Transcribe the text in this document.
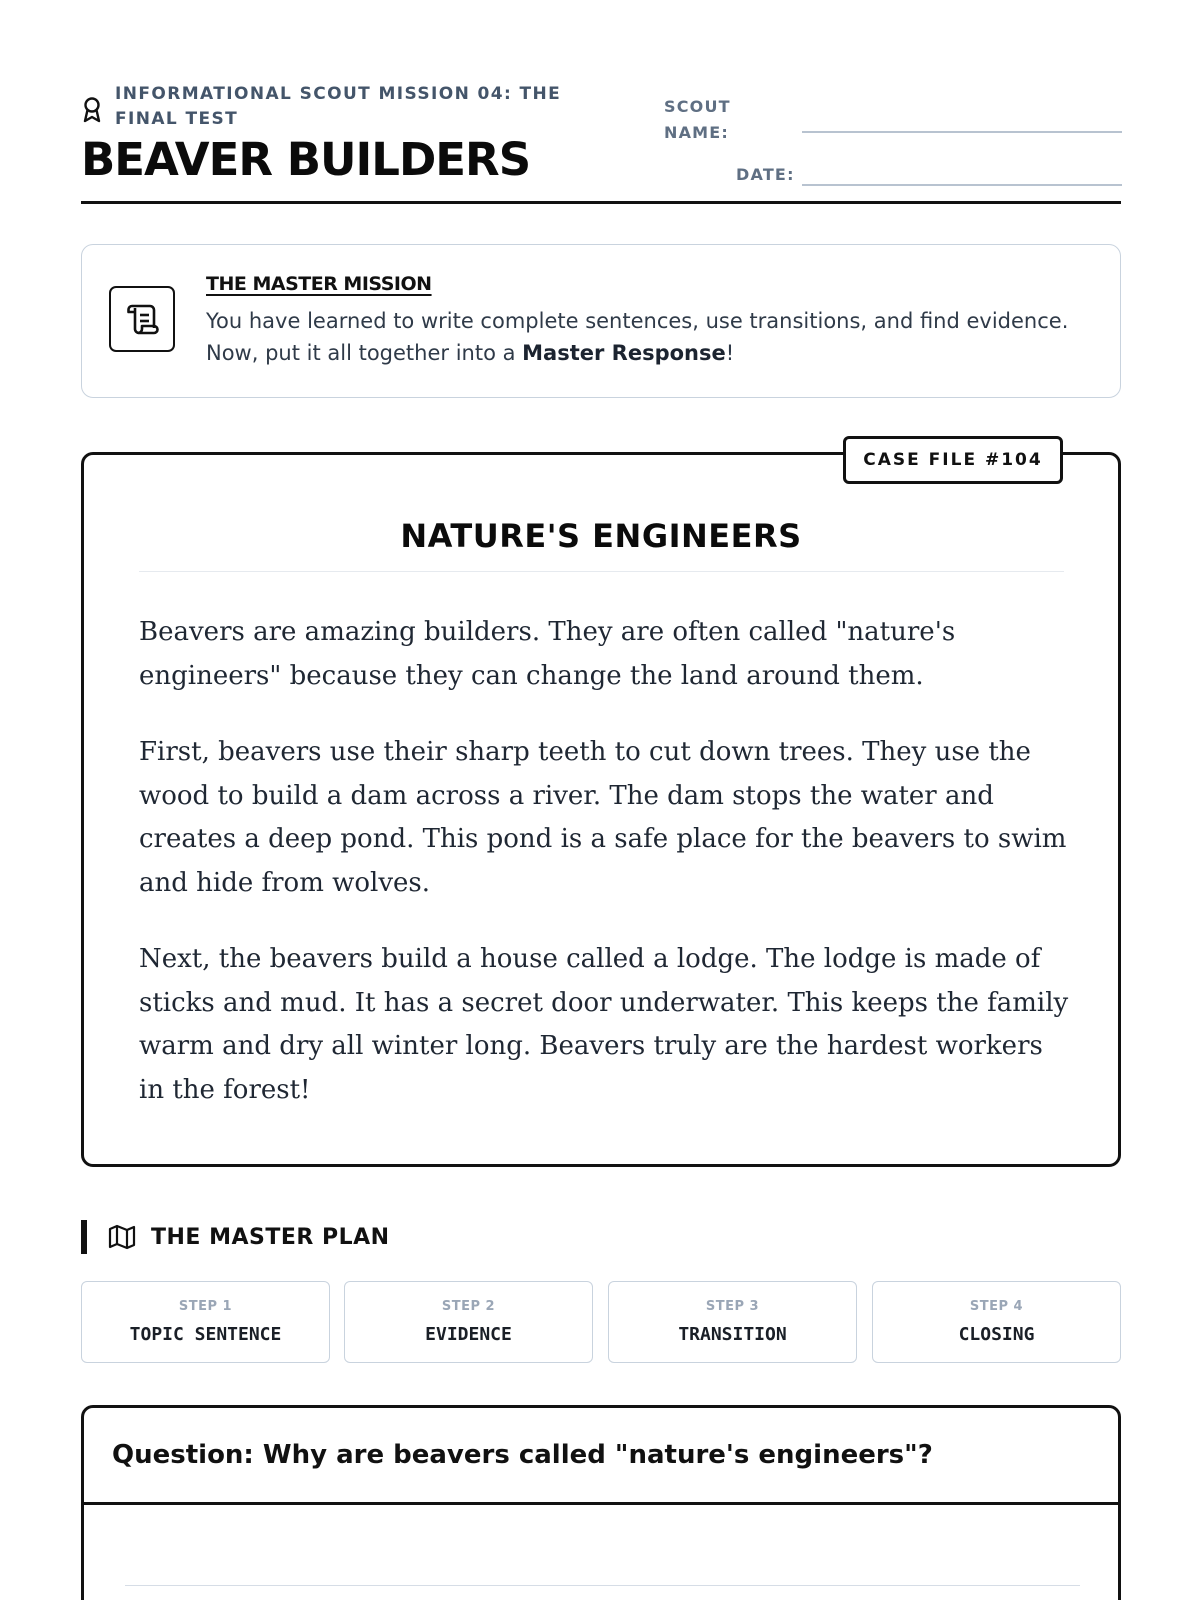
INFORMATIONAL SCOUT MISSION 04: THE FINAL TEST
BEAVER BUILDERS
SCOUT NAME:
DATE:
THE MASTER MISSION
You have learned to write complete sentences, use transitions, and find evidence. Now, put it all together into a Master Response!
NATURE'S ENGINEERS

Beavers are amazing builders. They are often called "nature's engineers" because they can change the land around them.

First, beavers use their sharp teeth to cut down trees. They use the wood to build a dam across a river. The dam stops the water and creates a deep pond. This pond is a safe place for the beavers to swim and hide from wolves.

Next, the beavers build a house called a lodge. The lodge is made of sticks and mud. It has a secret door underwater. This keeps the family warm and dry all winter long. Beavers truly are the hardest workers in the forest!

CASE FILE #104
THE MASTER PLAN
STEP 1
TOPIC SENTENCE
STEP 2
EVIDENCE
STEP 3
TRANSITION
STEP 4
CLOSING
Question: Why are beavers called "nature's engineers"?
